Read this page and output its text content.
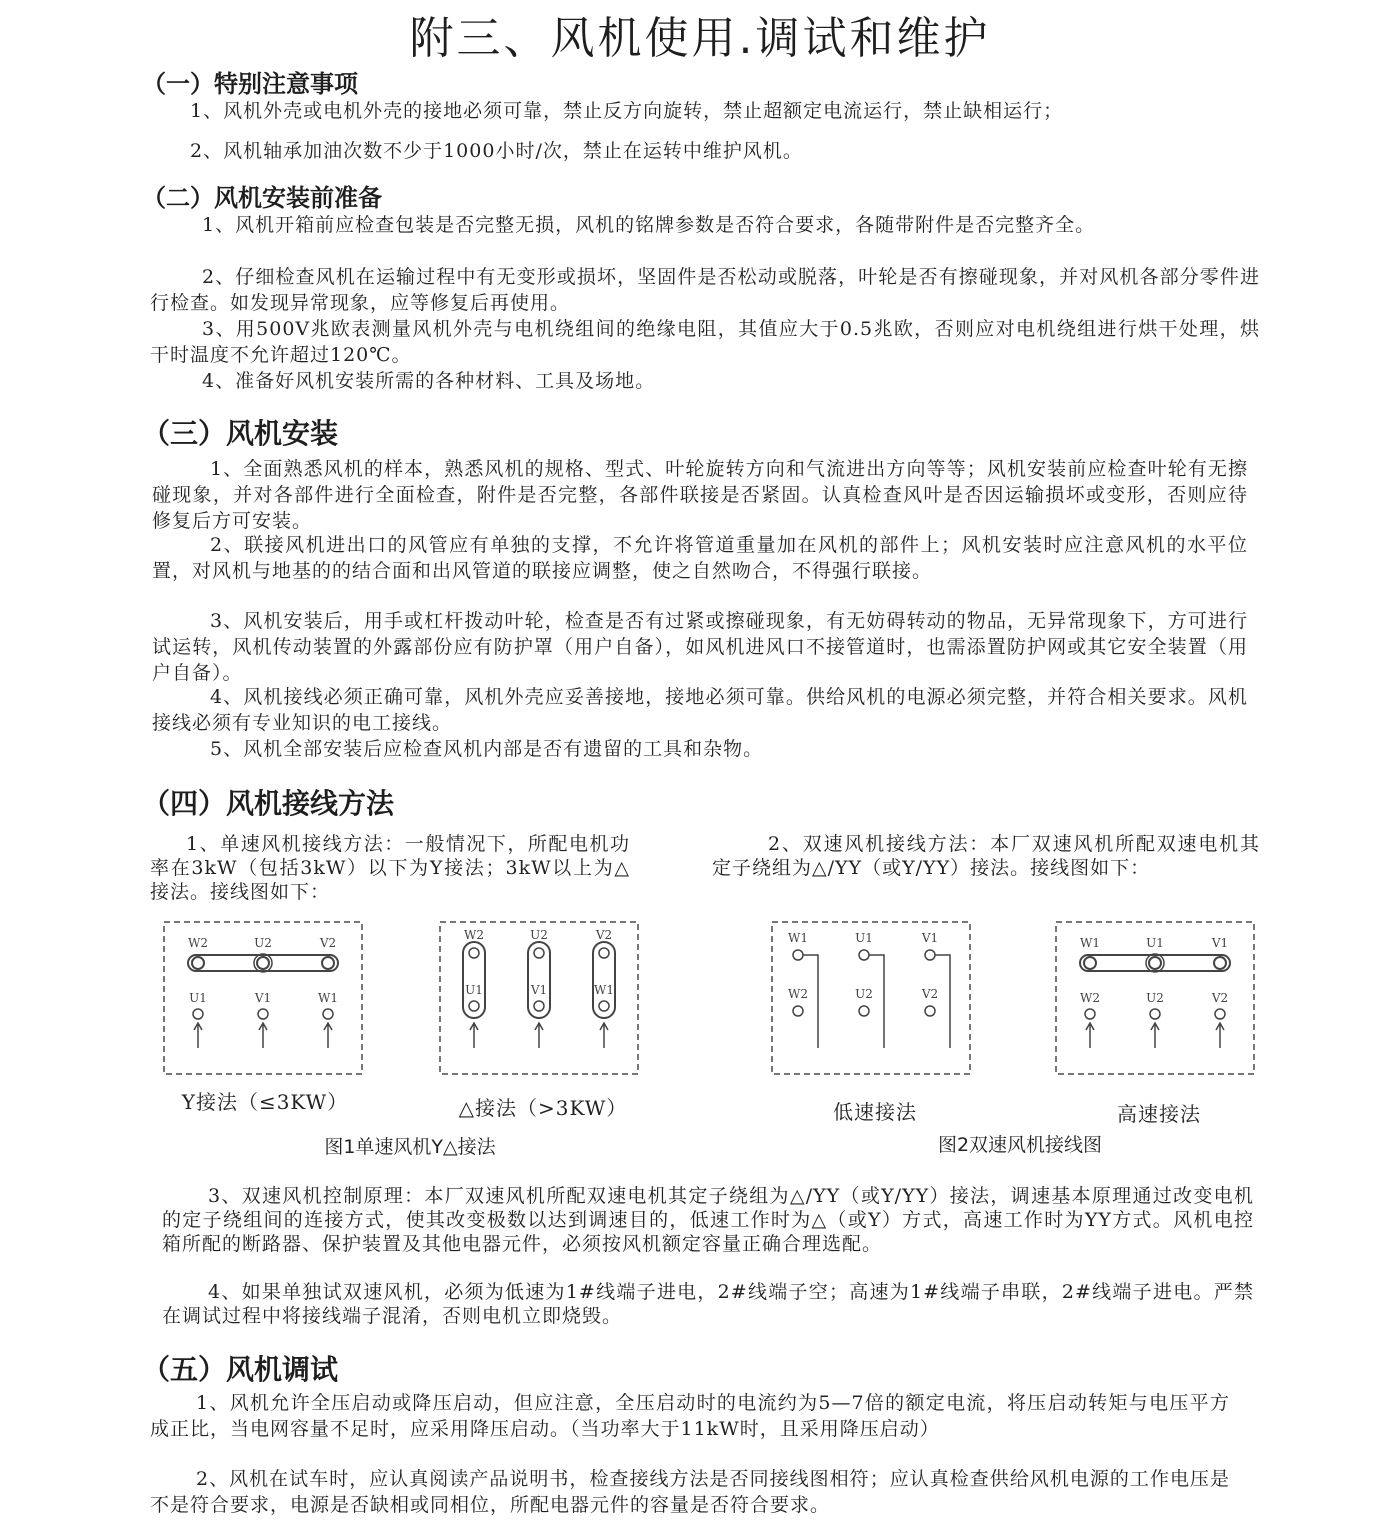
附三、风机使用.调试和维护
（一）特别注意事项
1、风机外壳或电机外壳的接地必须可靠，禁止反方向旋转，禁止超额定电流运行，禁止缺相运行；
2、风机轴承加油次数不少于1000小时/次，禁止在运转中维护风机。
（二）风机安装前准备
1、风机开箱前应检查包装是否完整无损，风机的铭牌参数是否符合要求，各随带附件是否完整齐全。
2、仔细检查风机在运输过程中有无变形或损坏，坚固件是否松动或脱落，叶轮是否有擦碰现象，并对风机各部分零件进行检查。如发现异常现象，应等修复后再使用。
3、用500V兆欧表测量风机外壳与电机绕组间的绝缘电阻，其值应大于0.5兆欧，否则应对电机绕组进行烘干处理，烘干时温度不允许超过120℃。
4、准备好风机安装所需的各种材料、工具及场地。
（三）风机安装
1、全面熟悉风机的样本，熟悉风机的规格、型式、叶轮旋转方向和气流进出方向等等；风机安装前应检查叶轮有无擦碰现象，并对各部件进行全面检查，附件是否完整，各部件联接是否紧固。认真检查风叶是否因运输损坏或变形，否则应待修复后方可安装。
2、联接风机进出口的风管应有单独的支撑，不允许将管道重量加在风机的部件上；风机安装时应注意风机的水平位置，对风机与地基的的结合面和出风管道的联接应调整，使之自然吻合，不得强行联接。
3、风机安装后，用手或杠杆拨动叶轮，检查是否有过紧或擦碰现象，有无妨碍转动的物品，无异常现象下，方可进行试运转，风机传动装置的外露部份应有防护罩（用户自备），如风机进风口不接管道时，也需添置防护网或其它安全装置（用户自备）。
4、风机接线必须正确可靠，风机外壳应妥善接地，接地必须可靠。供给风机的电源必须完整，并符合相关要求。风机接线必须有专业知识的电工接线。
5、风机全部安装后应检查风机内部是否有遗留的工具和杂物。
（四）风机接线方法
1、单速风机接线方法：一般情况下，所配电机功率在3kW（包括3kW）以下为Y接法；3kW以上为△接法。接线图如下：
2、双速风机接线方法：本厂双速风机所配双速电机其定子绕组为△/YY（或Y/YY）接法。接线图如下：
W2	U2	V2
U1	V1	W1
W2	U2	V2
U1	V1	W1
W1	U1	V1
W2	U2	V2
W1	U1	V1
W2	U2	V2
Y接法（≤3KW）	△接法（>3KW）	低速接法	高速接法
图1单速风机Y△接法	图2双速风机接线图
3、双速风机控制原理：本厂双速风机所配双速电机其定子绕组为△/YY（或Y/YY）接法，调速基本原理通过改变电机的定子绕组间的连接方式，使其改变极数以达到调速目的，低速工作时为△（或Y）方式，高速工作时为YY方式。风机电控箱所配的断路器、保护装置及其他电器元件，必须按风机额定容量正确合理选配。
4、如果单独试双速风机，必须为低速为1#线端子进电，2#线端子空；高速为1#线端子串联，2#线端子进电。严禁在调试过程中将接线端子混淆，否则电机立即烧毁。
（五）风机调试
1、风机允许全压启动或降压启动，但应注意，全压启动时的电流约为5—7倍的额定电流，将压启动转矩与电压平方成正比，当电网容量不足时，应采用降压启动。（当功率大于11kW时，且采用降压启动）
2、风机在试车时，应认真阅读产品说明书，检查接线方法是否同接线图相符；应认真检查供给风机电源的工作电压是不是符合要求，电源是否缺相或同相位，所配电器元件的容量是否符合要求。
